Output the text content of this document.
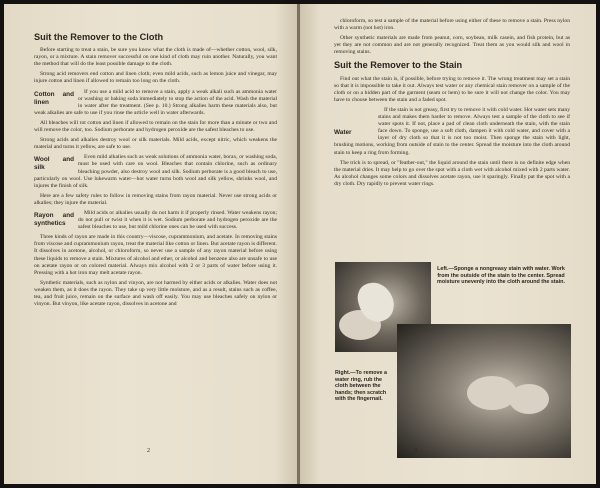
Suit the Remover to the Cloth

Before starting to treat a stain, be sure you know what the cloth is made of—whether cotton, wool, silk, rayon, or a mixture. A stain remover successful on one kind of cloth may ruin another. Naturally, you want the method that will do the least possible damage to the cloth.

Strong acid removers end cotton and linen cloth; even mild acids, such as lemon juice and vinegar, may injure cotton and linen if allowed to remain too long on the cloth.

Cotton and linen
If you use a mild acid to remove a stain, apply a weak alkali such as ammonia water or washing or baking soda immediately to stop the action of the acid. Wash the material in water after the treatment. (See p. 10.) Strong alkalies harm these materials also, but weak alkalies are safe to use if you rinse the article well in water afterwards.

All bleaches will rot cotton and linen if allowed to remain on the stain for more than a minute or two and will remove the color, too. Sodium perborate and hydrogen peroxide are the safest bleaches to use.

Strong acids and alkalies destroy wool or silk materials. Mild acids, except nitric, which weakens the material and turns it yellow, are safe to use.

Wool and silk
Even mild alkalies such as weak solutions of ammonia water, borax, or washing soda, must be used with care on wool. Bleaches that contain chlorine, such as ordinary bleaching powder, also destroy wool and silk. Sodium perborate is a good bleach to use, particularly on wool. Use lukewarm water—hot water turns both wool and silk yellow, shrinks wool, and injures the finish of silk.

Here are a few safety rules to follow in removing stains from rayon material. Never use strong acids or alkalies; they injure the material.

Rayon and synthetics
Mild acids or alkalies usually do not harm it if properly rinsed. Water weakens rayon; do not pull or twist it when it is wet. Sodium perborate and hydrogen peroxide are the safest bleaches to use, but mild chlorine ones can be used with success.

Three kinds of rayon are made in this country—viscose, cuprammonium, and acetate. In removing stains from viscose and cuprammonium rayon, treat the material like cotton or linen. But acetate rayon is different. It dissolves in acetone, alcohol, or chloroform, so never use a sample of any rayon material before using these liquids to remove a stain. Mixtures of alcohol and ether, or alcohol and benzene also are unsafe to use on acetate rayon or on colored material. Always mix alcohol with 2 or 3 parts of water before using it. Pressing with a hot iron may melt acetate rayon.

Synthetic materials, such as nylon and vinyon, are not harmed by either acids or alkalies. Water does not weaken them, as it does the rayon. They take up very little moisture, and as a result, stains such as coffee, tea, and fruit juice, remain on the surface and wash off easily. You may use bleaches safely on nylon or vinyon. But vinyon, like acetate rayon, dissolves in acetone and

2

chloroform, so test a sample of the material before using either of these to remove a stain. Press nylon with a warm (not hot) iron.

Other synthetic materials are made from peanut, corn, soybean, milk casein, and fish protein, but as yet they are not common and are not generally recognized. Treat them as you would silk and wool in removing stains.

Suit the Remover to the Stain

Find out what the stain is, if possible, before trying to remove it. The wrong treatment may set a stain so that it is impossible to take it out. Always test water or any chemical stain remover on a sample of the cloth or on a hidden part of the garment (seam or hem) to be sure it will not change the color. You may have to choose between the stain and a faded spot.

Water
If the stain is not greasy, first try to remove it with cold water. Hot water sets many stains and makes them harder to remove. Always test a sample of the cloth to see if water spots it. If not, place a pad of clean cloth underneath the stain, with the stain face down. To sponge, use a soft cloth, dampen it with cold water, and cover with a layer of dry cloth so that it is not too moist. Then sponge the stain with light, brushing motions, working from outside of stain to the center. Spread the moisture into the cloth around stain to keep a ring from forming.

The trick is to spread, or "feather-out," the liquid around the stain until there is no definite edge when the material dries. It may help to go over the spot with a cloth wet with alcohol mixed with 2 parts water. As alcohol changes some colors and dissolves acetate rayon, use it sparingly. Finally pat the spot with a dry cloth. Dry rapidly to prevent water rings.

Left.—Sponge a nongreasy stain with water. Work from the outside of the stain to the center. Spread moisture unevenly into the cloth around the stain.
Right.—To remove a water ring, rub the cloth between the hands; then scratch with the fingernail.
3
